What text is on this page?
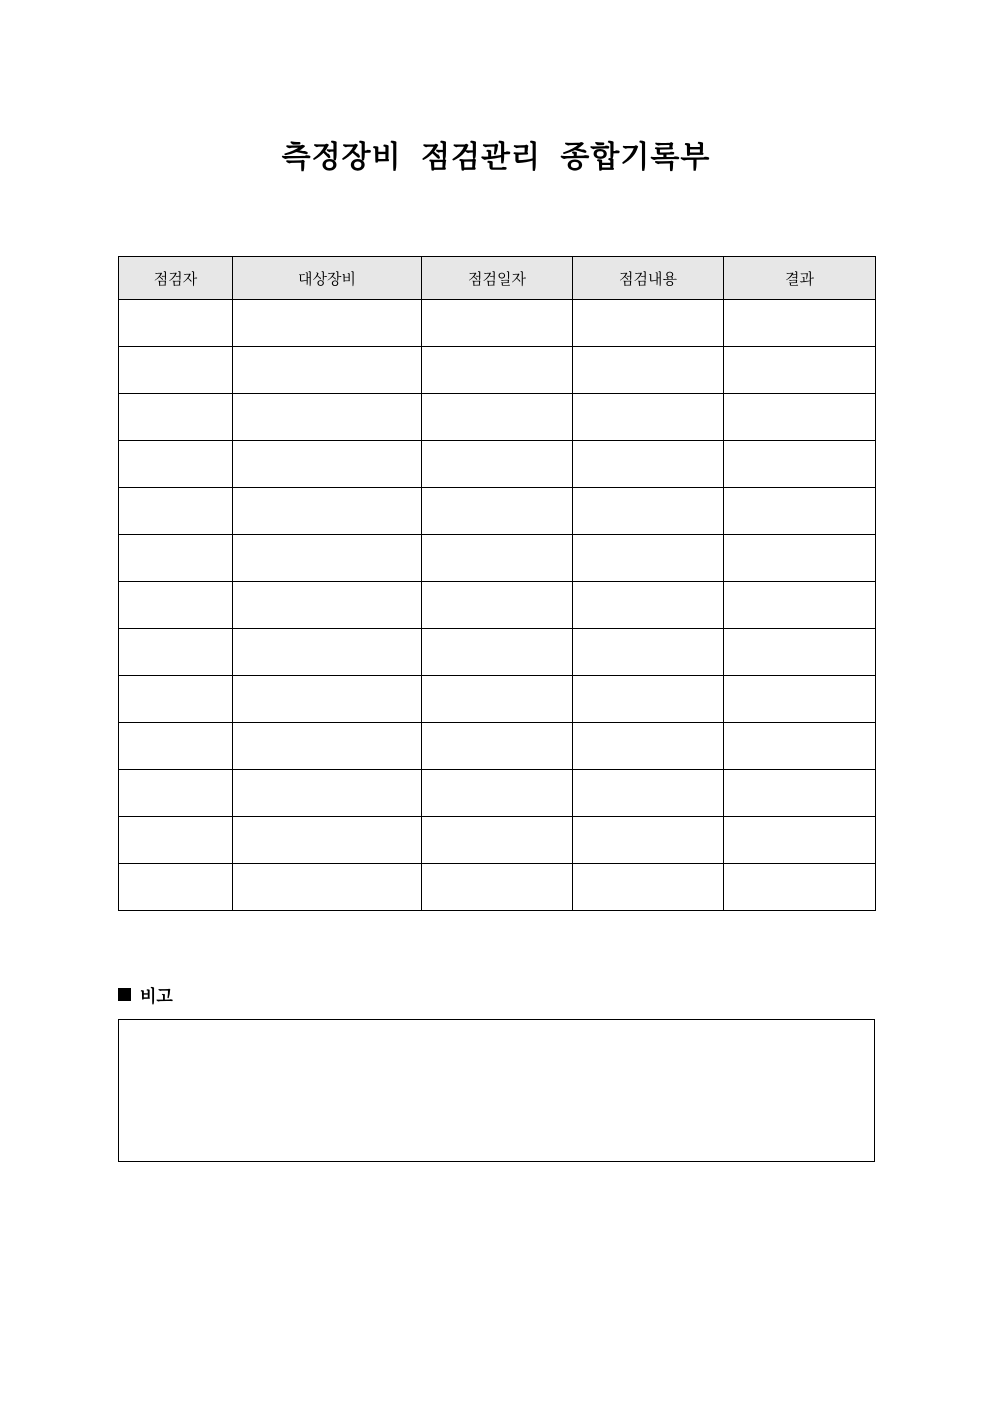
측정장비 점검관리 종합기록부
점검자	대상장비	점검일자	점검내용	결과

비고
